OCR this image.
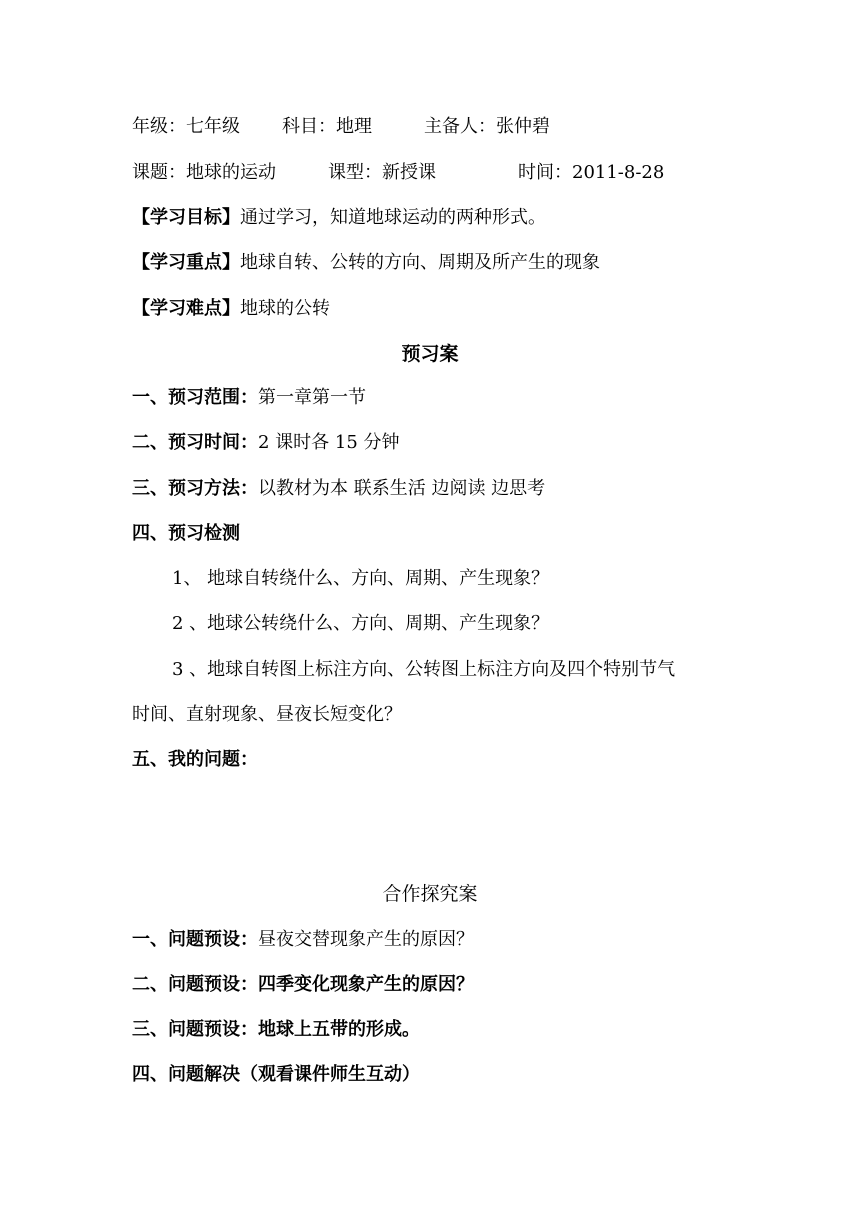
年级：七年级 科目：地理	主备人：张仲碧
课题：地球的运动	课型：新授课	时间：2011-8-28
【学习目标】通过学习，知道地球运动的两种形式。
【学习重点】地球自转、公转的方向、周期及所产生的现象
【学习难点】地球的公转
预习案
一、预习范围：第一章第一节
二、预习时间：2 课时各 15 分钟
三、预习方法：以教材为本 联系生活 边阅读 边思考
四、预习检测
1、 地球自转绕什么、方向、周期、产生现象？
2 、地球公转绕什么、方向、周期、产生现象？
3 、地球自转图上标注方向、公转图上标注方向及四个特别节气
时间、直射现象、昼夜长短变化？
五、我的问题：
合作探究案
一、问题预设：昼夜交替现象产生的原因？
二、问题预设：四季变化现象产生的原因？
三、问题预设：地球上五带的形成。
四、问题解决（观看课件师生互动）
